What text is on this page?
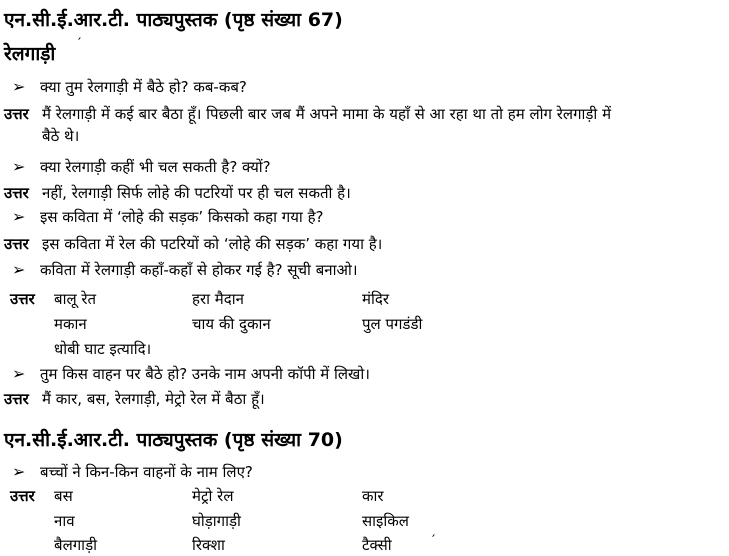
एन.सी.ई.आर.टी. पाठ्यपुस्तक (पृष्ठ संख्या 67)
′
रेलगाड़ी
➢ क्या तुम रेलगाड़ी में बैठे हो? कब-कब?
उत्तर मैं रेलगाड़ी में कई बार बैठा हूँ। पिछली बार जब मैं अपने मामा के यहाँ से आ रहा था तो हम लोग रेलगाड़ी में
बैठे थे।
➢ क्या रेलगाड़ी कहीं भी चल सकती है? क्यों?
उत्तर नहीं, रेलगाड़ी सिर्फ लोहे की पटरियों पर ही चल सकती है।
➢ इस कविता में ‘लोहे की सड़क’ किसको कहा गया है?
उत्तर इस कविता में रेल की पटरियों को ‘लोहे की सड़क’ कहा गया है।
➢ कविता में रेलगाड़ी कहाँ-कहाँ से होकर गई है? सूची बनाओ।
उत्तर बालू रेत	हरा मैदान	मंदिर
मकान	चाय की दुकान	पुल पगडंडी
धोबी घाट इत्यादि।
➢ तुम किस वाहन पर बैठे हो? उनके नाम अपनी कॉपी में लिखो।
उत्तर मैं कार, बस, रेलगाड़ी, मेट्रो रेल में बैठा हूँ।
एन.सी.ई.आर.टी. पाठ्यपुस्तक (पृष्ठ संख्या 70)
➢ बच्चों ने किन-किन वाहनों के नाम लिए?
उत्तर बस	मेट्रो रेल	कार
नाव	घोड़ागाड़ी	साइकिल
बैलगाड़ी	रिक्शा	टैक्सी	′
